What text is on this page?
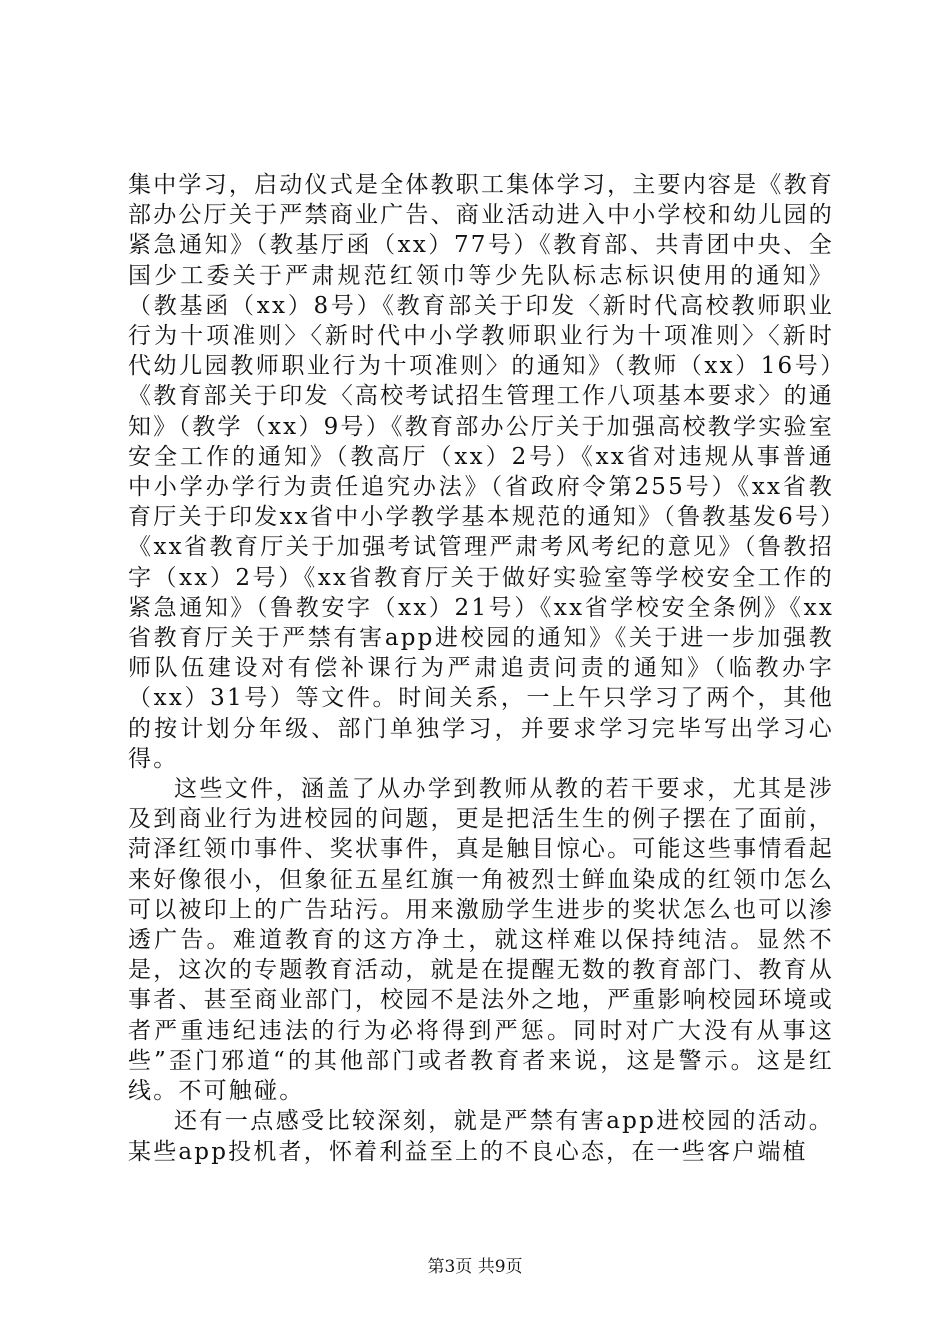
集中学习，启动仪式是全体教职工集体学习，主要内容是《教育部办公厅关于严禁商业广告、商业活动进入中小学校和幼儿园的紧急通知》（教基厅函（xx）77号）《教育部、共青团中央、全国少工委关于严肃规范红领巾等少先队标志标识使用的通知》（教基函（xx）8号）《教育部关于印发〈新时代高校教师职业行为十项准则〉〈新时代中小学教师职业行为十项准则〉〈新时代幼儿园教师职业行为十项准则〉的通知》（教师（xx）16号）《教育部关于印发〈高校考试招生管理工作八项基本要求〉的通知》（教学（xx）9号）《教育部办公厅关于加强高校教学实验室安全工作的通知》（教高厅（xx）2号）《xx省对违规从事普通中小学办学行为责任追究办法》（省政府令第255号）《xx省教育厅关于印发xx省中小学教学基本规范的通知》（鲁教基发6号）《xx省教育厅关于加强考试管理严肃考风考纪的意见》（鲁教招字（xx）2号）《xx省教育厅关于做好实验室等学校安全工作的紧急通知》（鲁教安字（xx）21号）《xx省学校安全条例》《xx省教育厅关于严禁有害app进校园的通知》《关于进一步加强教师队伍建设对有偿补课行为严肃追责问责的通知》（临教办字（xx）31号）等文件。时间关系，一上午只学习了两个，其他的按计划分年级、部门单独学习，并要求学习完毕写出学习心得。

这些文件，涵盖了从办学到教师从教的若干要求，尤其是涉及到商业行为进校园的问题，更是把活生生的例子摆在了面前，菏泽红领巾事件、奖状事件，真是触目惊心。可能这些事情看起来好像很小，但象征五星红旗一角被烈士鲜血染成的红领巾怎么可以被印上的广告玷污。用来激励学生进步的奖状怎么也可以渗透广告。难道教育的这方净土，就这样难以保持纯洁。显然不是，这次的专题教育活动，就是在提醒无数的教育部门、教育从事者、甚至商业部门，校园不是法外之地，严重影响校园环境或者严重违纪违法的行为必将得到严惩。同时对广大没有从事这些”歪门邪道“的其他部门或者教育者来说，这是警示。这是红线。不可触碰。

还有一点感受比较深刻，就是严禁有害app进校园的活动。某些app投机者，怀着利益至上的不良心态，在一些客户端植

第3页 共9页
